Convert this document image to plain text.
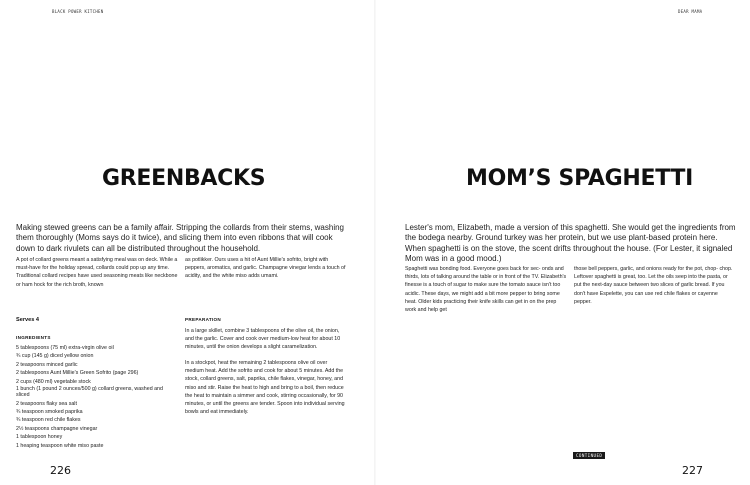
BLACK POWER KITCHEN
GREENBACKS
Making stewed greens can be a family affair. Stripping the collards from their stems, washing them thoroughly (Moms says do it twice), and slicing them into even ribbons that will cook down to dark rivulets can all be distributed throughout the household.
A pot of collard greens meant a satisfying meal was on deck. While a must-have for the holiday spread, collards could pop up any time. Traditional collard recipes have used seasoning meats like neckbone or ham hock for the rich broth, known
as potlikker. Ours uses a hit of Aunt Millie's sofrito, bright with peppers, aromatics, and garlic. Champagne vinegar lends a touch of acidity, and the white miso adds umami.
Serves 4
INGREDIENTS
5 tablespoons (75 ml) extra-virgin olive oil
¾ cup (145 g) diced yellow onion
2 teaspoons minced garlic
2 tablespoons Aunt Millie's Green Sofrito (page 296)
2 cups (480 ml) vegetable stock
1 bunch (1 pound 2 ounces/500 g) collard greens, washed and sliced
2 teaspoons flaky sea salt
¾ teaspoon smoked paprika
¾ teaspoon red chile flakes
2½ teaspoons champagne vinegar
1 tablespoon honey
1 heaping teaspoon white miso paste
PREPARATION
In a large skillet, combine 3 tablespoons of the olive oil, the onion, and the garlic. Cover and cook over medium-low heat for about 10 minutes, until the onion develops a slight caramelization.
In a stockpot, heat the remaining 2 tablespoons olive oil over medium heat. Add the sofrito and cook for about 5 minutes. Add the stock, collard greens, salt, paprika, chile flakes, vinegar, honey, and miso and stir. Raise the heat to high and bring to a boil, then reduce the heat to maintain a simmer and cook, stirring occasionally, for 90 minutes, or until the greens are tender. Spoon into individual serving bowls and eat immediately.
226
DEAR MAMA
MOM’S SPAGHETTI
Lester's mom, Elizabeth, made a version of this spaghetti. She would get the ingredients from the bodega nearby. Ground turkey was her protein, but we use plant-based protein here. When spaghetti is on the stove, the scent drifts throughout the house. (For Lester, it signaled Mom was in a good mood.)
Spaghetti was bonding food. Everyone goes back for sec- onds and thirds, lots of talking around the table or in front of the TV. Elizabeth's finesse is a touch of sugar to make sure the tomato sauce isn't too acidic. These days, we might add a bit more pepper to bring some heat. Older kids practicing their knife skills can get in on the prep work and help get
those bell peppers, garlic, and onions ready for the pot, chop- chop. Leftover spaghetti is great, too. Let the oils seep into the pasta, or put the next-day sauce between two slices of garlic bread. If you don't have Espelette, you can use red chile flakes or cayenne pepper.
CONTINUED
227
